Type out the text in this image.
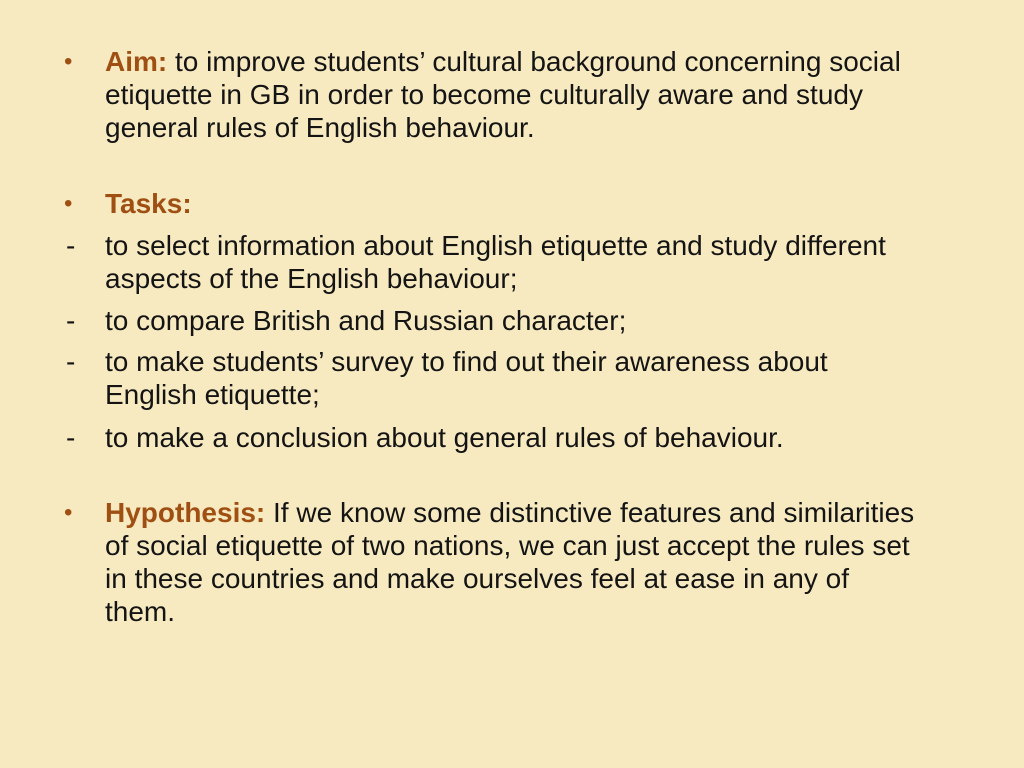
• Aim: to improve students’ cultural background concerning social etiquette in GB in order to become culturally aware and study general rules of English behaviour.
• Tasks:
- to select information about English etiquette and study different aspects of the English behaviour;
- to compare British and Russian character;
- to make students’ survey to find out their awareness about English etiquette;
- to make a conclusion about general rules of behaviour.
• Hypothesis: If we know some distinctive features and similarities of social etiquette of two nations, we can just accept the rules set in these countries and make ourselves feel at ease in any of them.
